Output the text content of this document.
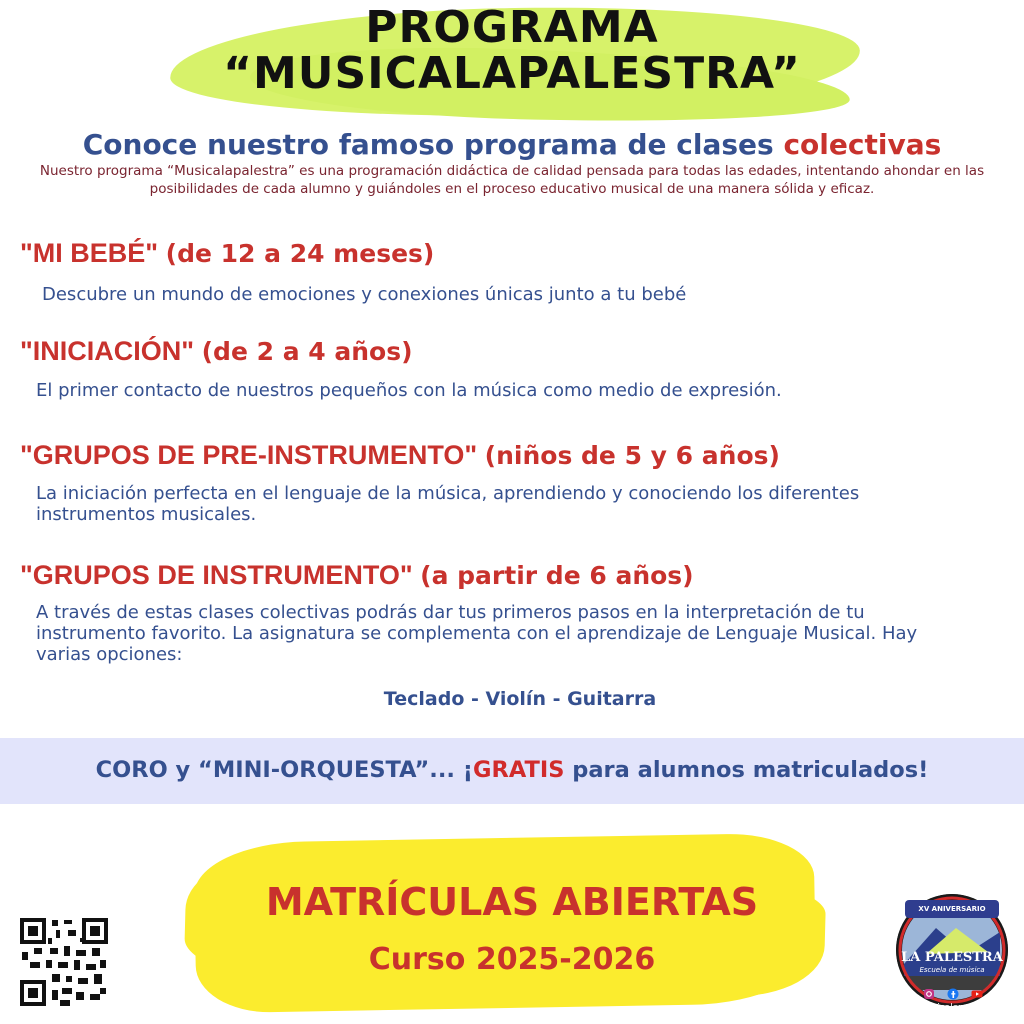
PROGRAMA
“MUSICALAPALESTRA”
Conoce nuestro famoso programa de clases colectivas
Nuestro programa “Musicalapalestra” es una programación didáctica de calidad pensada para todas las edades, intentando ahondar en las posibilidades de cada alumno y guiándoles en el proceso educativo musical de una manera sólida y eficaz.
"MI BEBÉ" (de 12 a 24 meses)
Descubre un mundo de emociones y conexiones únicas junto a tu bebé
"INICIACIÓN" (de 2 a 4 años)
El primer contacto de nuestros pequeños con la música como medio de expresión.
"GRUPOS DE PRE-INSTRUMENTO" (niños de 5 y 6 años)
La iniciación perfecta en el lenguaje de la música, aprendiendo y conociendo los diferentes instrumentos musicales.
"GRUPOS DE INSTRUMENTO" (a partir de 6 años)
A través de estas clases colectivas podrás dar tus primeros pasos en la interpretación de tu instrumento favorito. La asignatura se complementa con el aprendizaje de Lenguaje Musical. Hay varias opciones:
Teclado - Violín - Guitarra
CORO y “MINI-ORQUESTA”... ¡GRATIS para alumnos matriculados!
MATRÍCULAS ABIERTAS
Curso 2025-2026
XV ANIVERSARIO
LA PALESTRA
Escuela de música
@musicalapalestra
